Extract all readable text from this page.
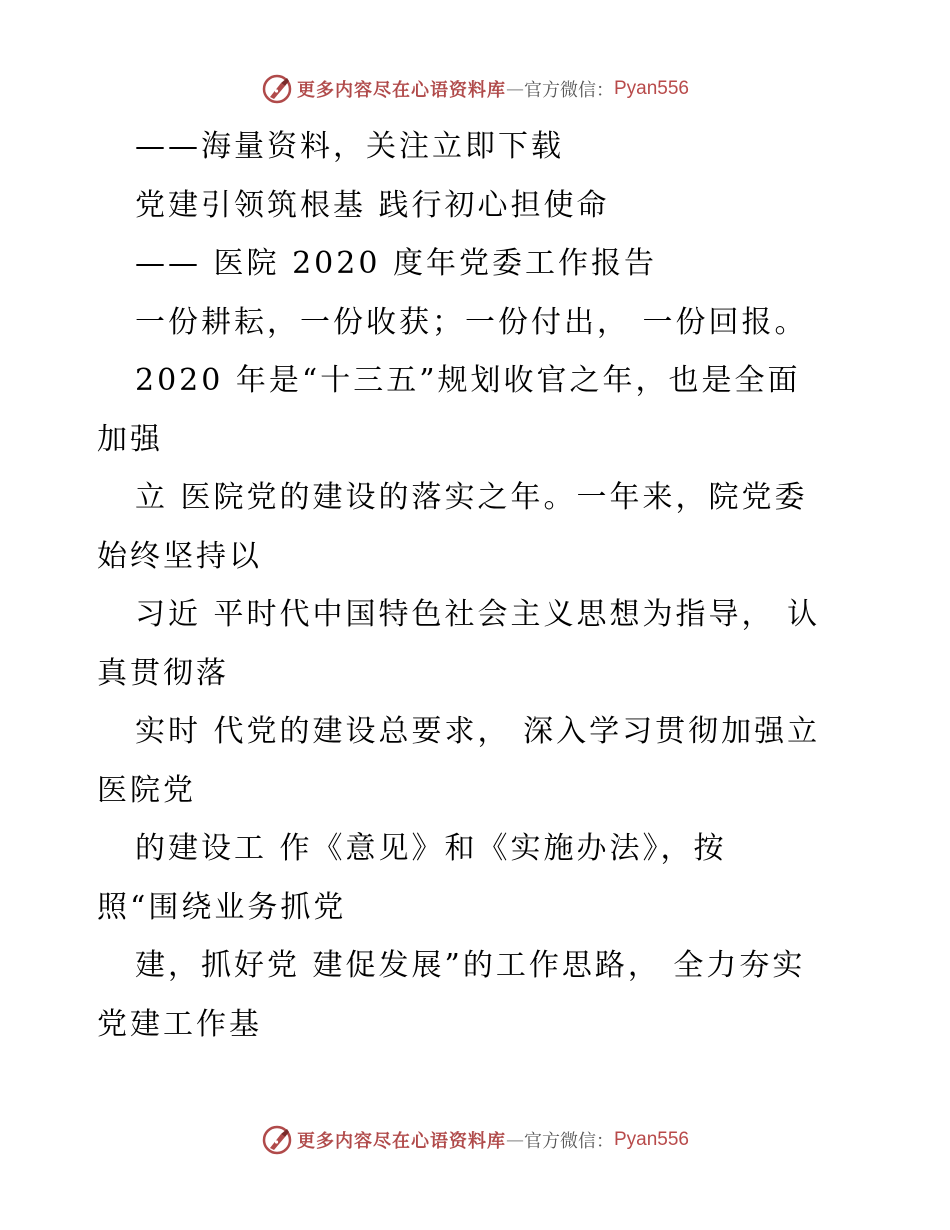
更多内容尽在心语资料库 — 官方微信： Pyan556
——海量资料，关注立即下载
党建引领筑根基 践行初心担使命
—— 医院 2020 度年党委工作报告
一份耕耘，一份收获；一份付出， 一份回报。
2020 年是“十三五”规划收官之年，也是全面
加强
立 医院党的建设的落实之年。一年来，院党委
始终坚持以
习近 平时代中国特色社会主义思想为指导， 认
真贯彻落
实时 代党的建设总要求， 深入学习贯彻加强立
医院党
的建设工 作《意见》和《实施办法》，按
照“围绕业务抓党
建，抓好党 建促发展”的工作思路， 全力夯实
党建工作基
更多内容尽在心语资料库 — 官方微信： Pyan556
